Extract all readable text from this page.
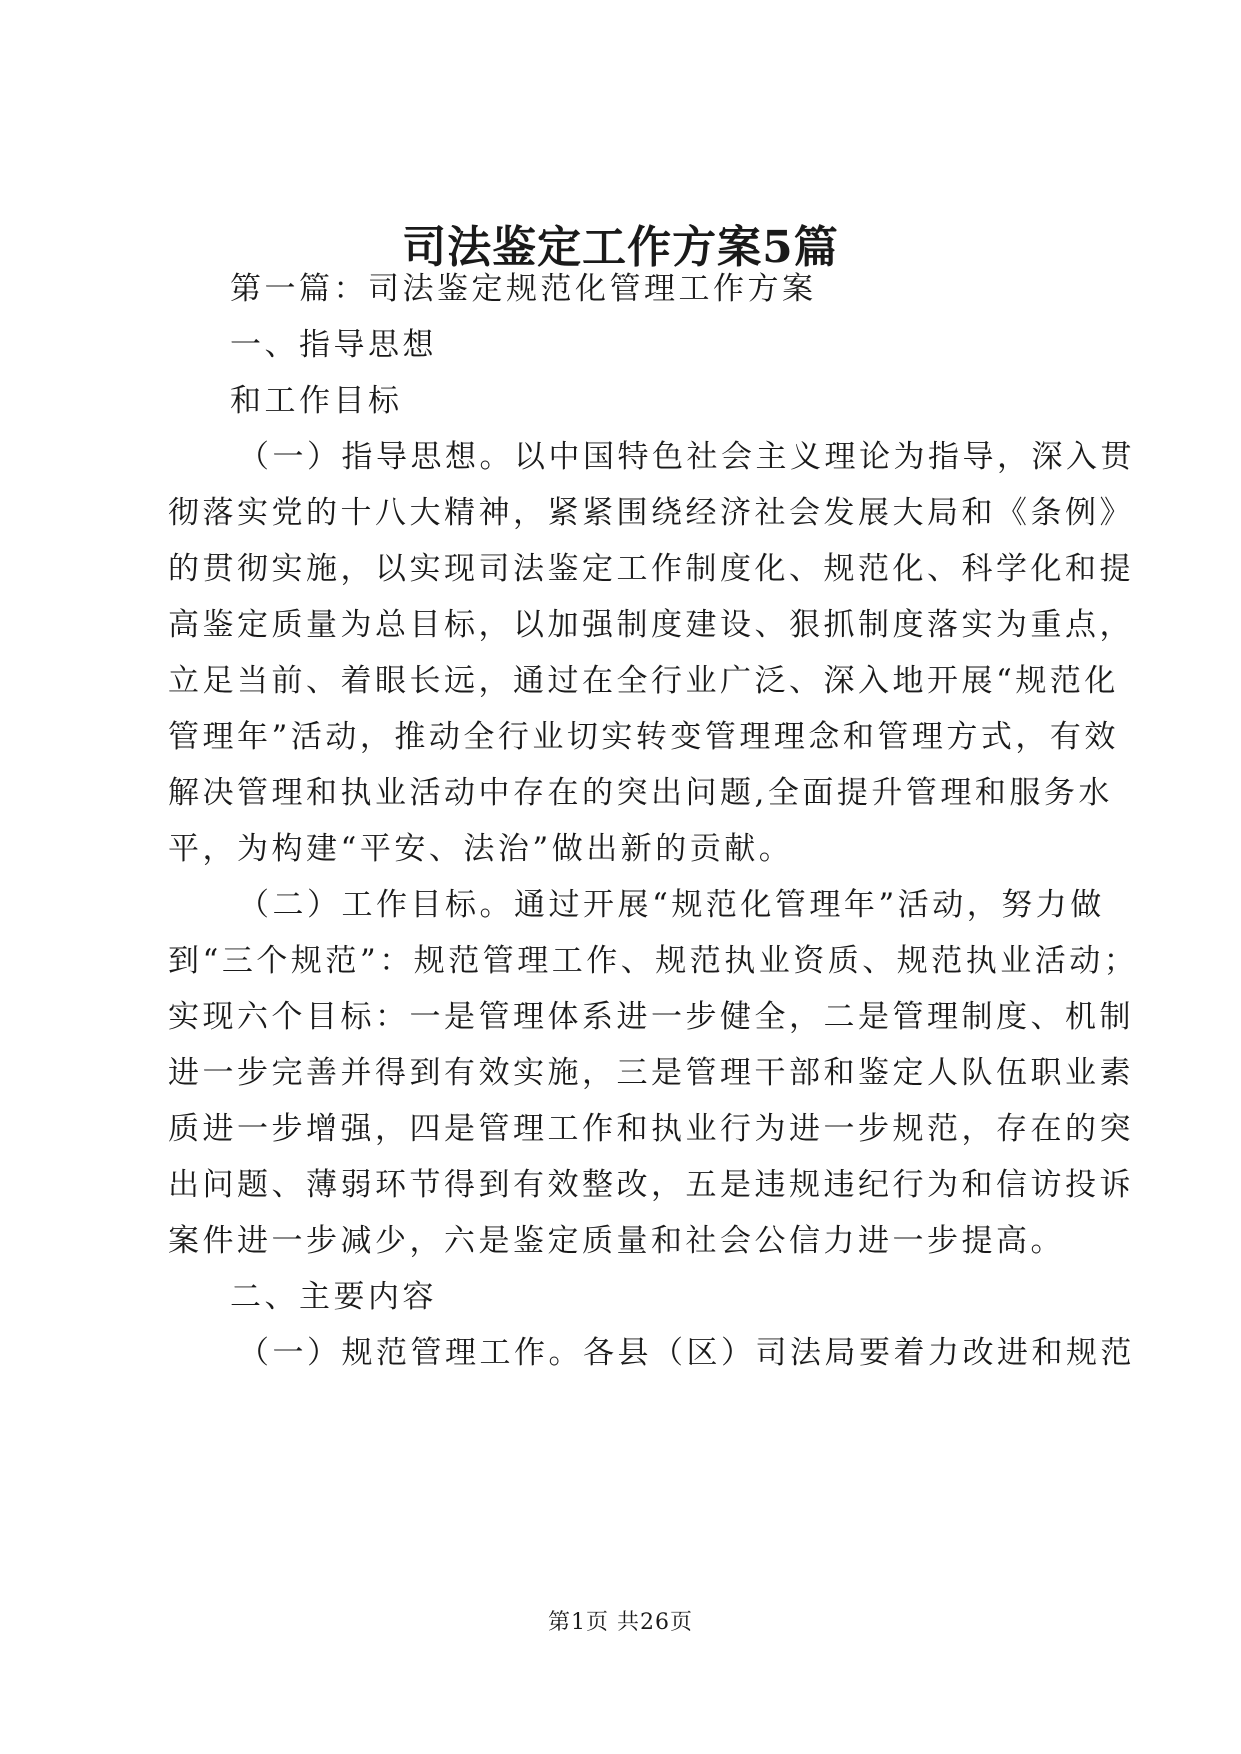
司法鉴定工作方案5篇
第一篇：司法鉴定规范化管理工作方案
一、指导思想
和工作目标
（一）指导思想。以中国特色社会主义理论为指导，深入贯
彻落实党的十八大精神，紧紧围绕经济社会发展大局和《条例》
的贯彻实施，以实现司法鉴定工作制度化、规范化、科学化和提
高鉴定质量为总目标，以加强制度建设、狠抓制度落实为重点，
立足当前、着眼长远，通过在全行业广泛、深入地开展“规范化
管理年”活动，推动全行业切实转变管理理念和管理方式，有效
解决管理和执业活动中存在的突出问题,全面提升管理和服务水
平，为构建“平安、法治”做出新的贡献。
（二）工作目标。通过开展“规范化管理年”活动，努力做
到“三个规范”：规范管理工作、规范执业资质、规范执业活动；
实现六个目标：一是管理体系进一步健全，二是管理制度、机制
进一步完善并得到有效实施，三是管理干部和鉴定人队伍职业素
质进一步增强，四是管理工作和执业行为进一步规范，存在的突
出问题、薄弱环节得到有效整改，五是违规违纪行为和信访投诉
案件进一步减少，六是鉴定质量和社会公信力进一步提高。
二、主要内容
（一）规范管理工作。各县（区）司法局要着力改进和规范
第1页 共26页
